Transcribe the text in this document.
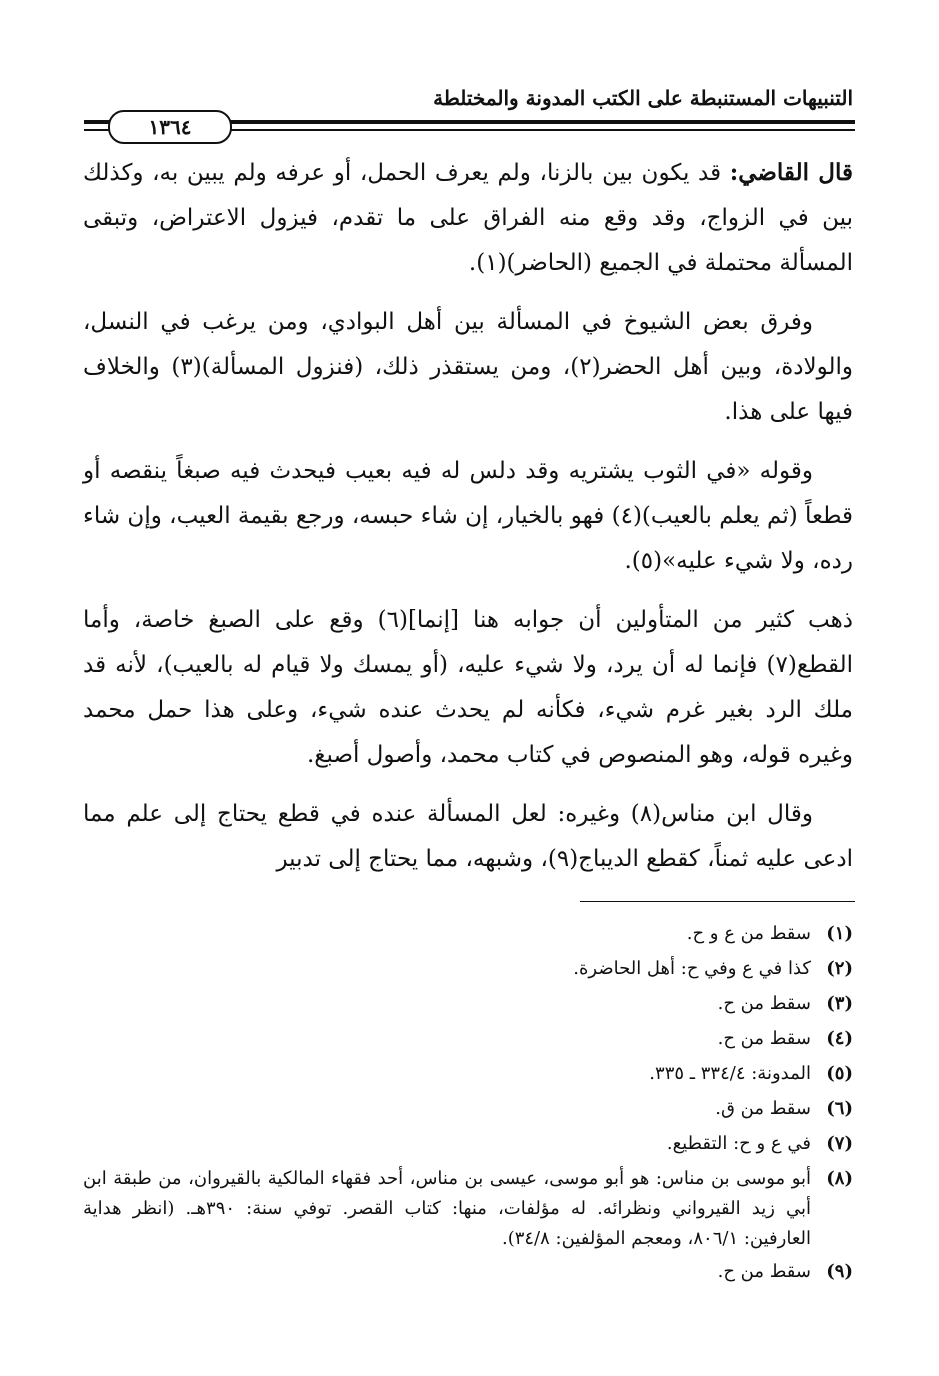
التنبيهات المستنبطة على الكتب المدونة والمختلطة
١٣٦٤

قال القاضي: قد يكون بين بالزنا، ولم يعرف الحمل، أو عرفه ولم يبين به، وكذلك بين في الزواج، وقد وقع منه الفراق على ما تقدم، فيزول الاعتراض، وتبقى المسألة محتملة في الجميع (الحاضر)(١).

وفرق بعض الشيوخ في المسألة بين أهل البوادي، ومن يرغب في النسل، والولادة، وبين أهل الحضر(٢)، ومن يستقذر ذلك، (فنزول المسألة)(٣) والخلاف فيها على هذا.

وقوله «في الثوب يشتريه وقد دلس له فيه بعيب فيحدث فيه صبغاً ينقصه أو قطعاً (ثم يعلم بالعيب)(٤) فهو بالخيار، إن شاء حبسه، ورجع بقيمة العيب، وإن شاء رده، ولا شيء عليه»(٥).

ذهب كثير من المتأولين أن جوابه هنا [إنما](٦) وقع على الصبغ خاصة، وأما القطع(٧) فإنما له أن يرد، ولا شيء عليه، (أو يمسك ولا قيام له بالعيب)، لأنه قد ملك الرد بغير غرم شيء، فكأنه لم يحدث عنده شيء، وعلى هذا حمل محمد وغيره قوله، وهو المنصوص في كتاب محمد، وأصول أصبغ.

وقال ابن مناس(٨) وغيره: لعل المسألة عنده في قطع يحتاج إلى علم مما ادعى عليه ثمناً، كقطع الديباج(٩)، وشبهه، مما يحتاج إلى تدبير

(١)
سقط من ع و ح.
(٢)
كذا في ع وفي ح: أهل الحاضرة.
(٣)
سقط من ح.
(٤)
سقط من ح.
(٥)
المدونة: ٣٣٤/٤ ـ ٣٣٥.
(٦)
سقط من ق.
(٧)
في ع و ح: التقطيع.
(٨)
أبو موسى بن مناس: هو أبو موسى، عيسى بن مناس، أحد فقهاء المالكية بالقيروان، من طبقة ابن أبي زيد القيرواني ونظرائه. له مؤلفات، منها: كتاب القصر. توفي سنة: ٣٩٠هـ. (انظر هداية العارفين: ٨٠٦/١، ومعجم المؤلفين: ٣٤/٨).
(٩)
سقط من ح.
